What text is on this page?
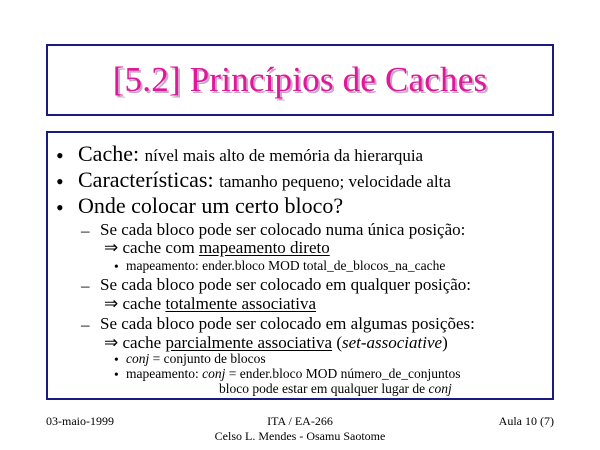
[5.2] Princípios de Caches
• Cache: nível mais alto de memória da hierarquia
• Características: tamanho pequeno; velocidade alta
• Onde colocar um certo bloco?
– Se cada bloco pode ser colocado numa única posição:
⇒ cache com mapeamento direto
• mapeamento: ender.bloco MOD total_de_blocos_na_cache
– Se cada bloco pode ser colocado em qualquer posição:
⇒ cache totalmente associativa
– Se cada bloco pode ser colocado em algumas posições:
⇒ cache parcialmente associativa (set-associative)
• conj = conjunto de blocos
• mapeamento: conj = ender.bloco MOD número_de_conjuntos
bloco pode estar em qualquer lugar de conj
03-maio-1999	ITA / EA-266
Celso L. Mendes - Osamu Saotome
Aula 10 (7)
